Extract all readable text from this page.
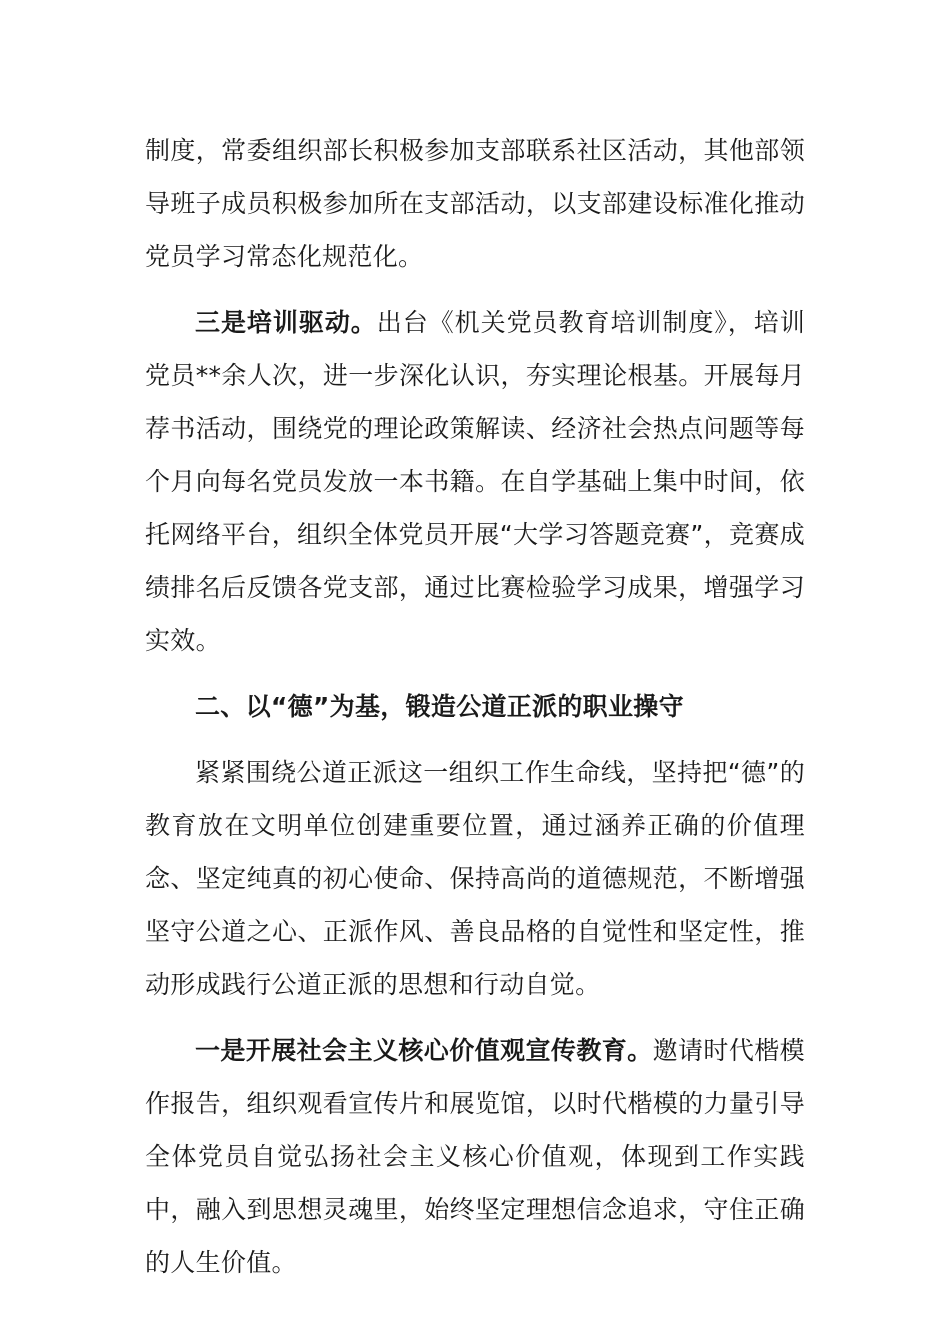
制度，常委组织部长积极参加支部联系社区活动，其他部领导班子成员积极参加所在支部活动，以支部建设标准化推动党员学习常态化规范化。

三是培训驱动。出台《机关党员教育培训制度》，培训党员**余人次，进一步深化认识，夯实理论根基。开展每月荐书活动，围绕党的理论政策解读、经济社会热点问题等每个月向每名党员发放一本书籍。在自学基础上集中时间，依托网络平台，组织全体党员开展“大学习答题竞赛”，竞赛成绩排名后反馈各党支部，通过比赛检验学习成果，增强学习实效。

二、以“德”为基，锻造公道正派的职业操守

紧紧围绕公道正派这一组织工作生命线，坚持把“德”的教育放在文明单位创建重要位置，通过涵养正确的价值理念、坚定纯真的初心使命、保持高尚的道德规范，不断增强坚守公道之心、正派作风、善良品格的自觉性和坚定性，推动形成践行公道正派的思想和行动自觉。

一是开展社会主义核心价值观宣传教育。邀请时代楷模作报告，组织观看宣传片和展览馆，以时代楷模的力量引导全体党员自觉弘扬社会主义核心价值观，体现到工作实践中，融入到思想灵魂里，始终坚定理想信念追求，守住正确的人生价值。
